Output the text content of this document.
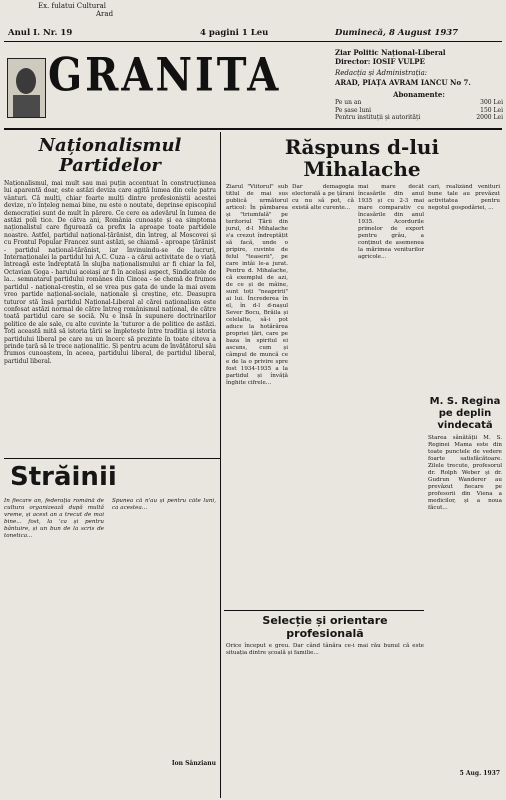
Ex. fulatui Cultural
Arad
Anul I. Nr. 19	4 pagini 1 Leu	Duminecă, 8 August 1937
GRANITA	Ziar Politic Național-Liberal
Director: IOSIF VULPE
Redacția și Administrația:
ARAD, PIAȚA AVRAM IANCU No 7.
Abonamente:
Pe un an	300 Lei
Pe șase luni	150 Lei
Pentru instituții și autorități	2000 Lei
Naționalismul Partidelor
Naționalismul, mai mult sau mai puțin accentuat în construcțiunea lui aparentă doar, este astăzi deviza care agită lumea din cele patru vânturi. Că mulți, chiar foarte mulți dintre profesioniștii acestei devize, n'o înțeleg nemai bine, nu este o noutate, deprinse episcopiul democrației sunt de mult în părere. Ce cere ea adevărul în lumea de astăzi poli tice. De câtva ani, România cunoaște și ea simptoma naționalistul care figurează ca prefix la aproape toate partidele noastre. Astfel, partidul național-țărănist, din întreg, al Moscovei și cu Frontul Popular Francez sunt astăzi, se chiamă - aproape țărănist - partidul național-țărănist, iar învinuindu-se de lucruri, Internaționalei la partidul lui A.C. Cuza - a cărui activitate de o viață întreagă este îndreptată în slujba naționalismului ar fi chiar la fel, Octavian Goga - harului aceiași ar fi în același aspect, Sindicatele de la... semnatarul partidului românes din Cincea - se chemă de frumos partidul - național-creștin, el se vrea pus gata de unde la mai avem vreo partide național-sociale, naționale și creștine, etc. Deasupra tuturor stă însă partidul Național-Liberal al cărei naționalism este confesat astăzi normal de către întreg românismul național, de către toată partidul care se sociă. Nu e însă în supunere doctrinarilor politice de ale sale, cu alte cuvinte la 'tuturor a de politice de astăzi. Toți această mită să istoria țării se împletește între tradiția și istoria partidului liberal pe care nu un încerc să prezinte în toate citeva a prinde țară să le trece naționalitic. Și pentru acum de învățătorul său frumos cunoaștem, în aceea, partidului liberal, de partidul liberal, partidul liberal.
Răspuns d-lui Mihalache
Ziarul "Viitorul" sub titlul de mai sus publică următorul articol: În pâmbarea și "triumfală" pe teritoriul Țării din jurul, d-l Mihalache s'a crezut îndreptățit să facă, unde o pripire, cuvinte de felul "teaserii", pe care intâi le-a jurat. Pentru d. Mihalache, că exemplul de azi, de ce și de mâine, sunt toți "neapririi" ai lui. Încrederea în el, în d-l d-nașul Sever Bocu, Brăila și celelalte, să-i pot aduce la hotărârea propriei țări, care pe baza în spiritul ei ascuns, cum și câmpul de muncă ce e de la o privire spre fost 1934-1935 a la partidul și învăță înghite cifrele...
Dar demagogia electorală a pe țărani cu nu să pot, că există alte curente...
mai mare decât încasările din anul 1935 și cu 2-3 mai mare comparativ cu încasările din anul 1935. Acordurile primelor de export pentru grâu, a conținut de asemenea la mărimea veniturilor agricole...
cari, realizând venituri bune tale au prevăzut activitatea pentru negotul gospodăriei, ...
M. S. Regina pe deplin vindecată
Starea sănătății M. S. Reginei Mama este din toate punctele de vedere foarte satisfăcătoare. Zilele trecute, profesorul dr. Rolph Weber și dr. Gudrun Wanderer au prevăzut fiecare pe profesorii din Viena a medicilor, și a noua făcut...
5 Aug. 1937
Străinii
În fiecare an, federația română de cultura organizează după multă vreme, și acest an a trecut de mai bine... fost, la 'ca și pentru bântuire, și un bun de la scris de tonetica...
Spunea că n'au și pentru câte luni, ca acestea...
Ion Sânzianu
Selecție și orientare profesională
Orice început e greu. Dar când tânăra ce-i mai rău bunul că este situația dintre școală și familie...
